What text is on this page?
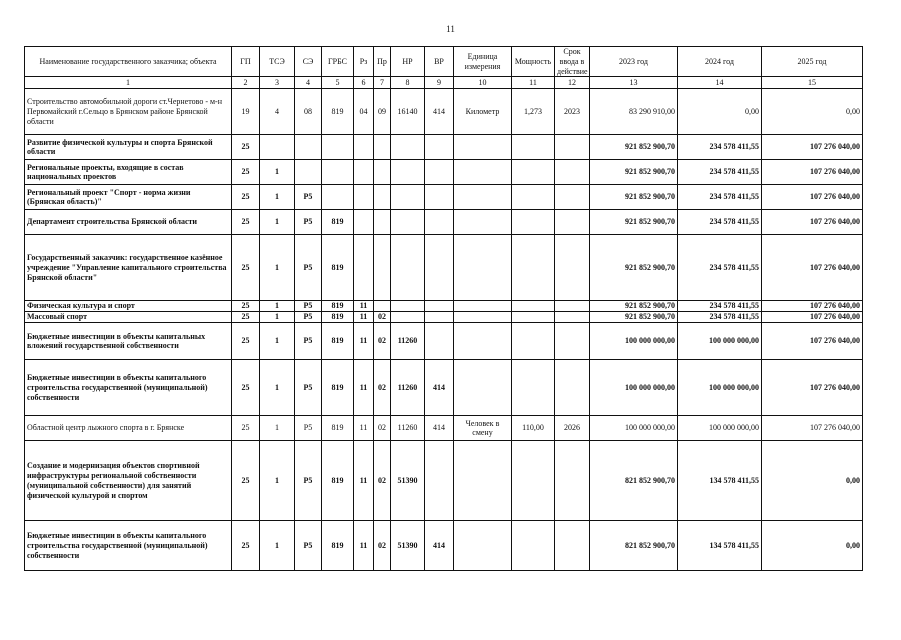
11
Наименование государственного заказчика; объекта	ГП	ТСЭ	СЭ	ГРБС	Рз	Пр	НР	ВР	Единица измерения	Мощность	Срок ввода в действие	2023 год	2024 год	2025 год
1	2	3	4	5	6	7	8	9	10	11	12	13	14	15
Строительство автомобильной дороги ст.Чернетово - м-н Первомайский г.Сельцо в Брянском районе Брянской области	19	4	08	819	04	09	16140	414	Километр	1,273	2023	83 290 910,00	0,00	0,00
Развитие физической культуры и спорта Брянской области	25											921 852 900,70	234 578 411,55	107 276 040,00
Региональные проекты, входящие в состав национальных проектов	25	1										921 852 900,70	234 578 411,55	107 276 040,00
Региональный проект "Спорт - норма жизни (Брянская область)"	25	1	Р5									921 852 900,70	234 578 411,55	107 276 040,00
Департамент строительства Брянской области	25	1	Р5	819								921 852 900,70	234 578 411,55	107 276 040,00
Государственный заказчик: государственное казённое учреждение "Управление капитального строительства Брянской области"	25	1	Р5	819								921 852 900,70	234 578 411,55	107 276 040,00
Физическая культура и спорт	25	1	Р5	819	11							921 852 900,70	234 578 411,55	107 276 040,00
Массовый спорт	25	1	Р5	819	11	02						921 852 900,70	234 578 411,55	107 276 040,00
Бюджетные инвестиции в объекты капитальных вложений государственной собственности	25	1	Р5	819	11	02	11260					100 000 000,00	100 000 000,00	107 276 040,00
Бюджетные инвестиции в объекты капитального строительства государственной (муниципальной) собственности	25	1	Р5	819	11	02	11260	414				100 000 000,00	100 000 000,00	107 276 040,00
Областной центр лыжного спорта в г. Брянске	25	1	Р5	819	11	02	11260	414	Человек в смену	110,00	2026	100 000 000,00	100 000 000,00	107 276 040,00
Создание и модернизация объектов спортивной инфраструктуры региональной собственности (муниципальной собственности) для занятий физической культурой и спортом	25	1	Р5	819	11	02	51390					821 852 900,70	134 578 411,55	0,00
Бюджетные инвестиции в объекты капитального строительства государственной (муниципальной) собственности	25	1	Р5	819	11	02	51390	414				821 852 900,70	134 578 411,55	0,00
